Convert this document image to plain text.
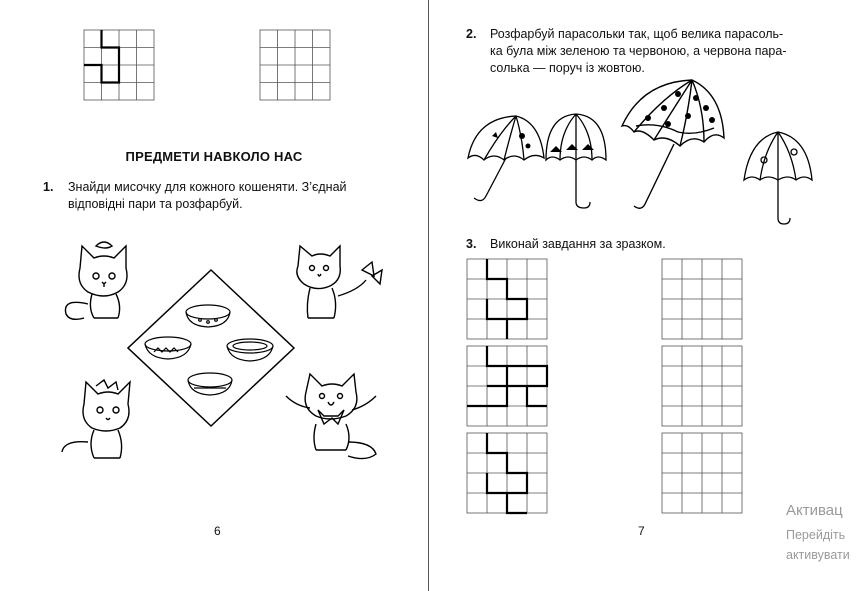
ПРЕДМЕТИ НАВКОЛО НАС
1. Знайди мисочку для кожного кошеняти. З’єднай
відповідні пари та розфарбуй.
6
2. Розфарбуй парасольки так, щоб велика парасоль-
ка була між зеленою та червоною, а червона пара-
солька — поруч із жовтою.
3. Виконай завдання за зразком.
7
Активац
Перейдіть
активувати
